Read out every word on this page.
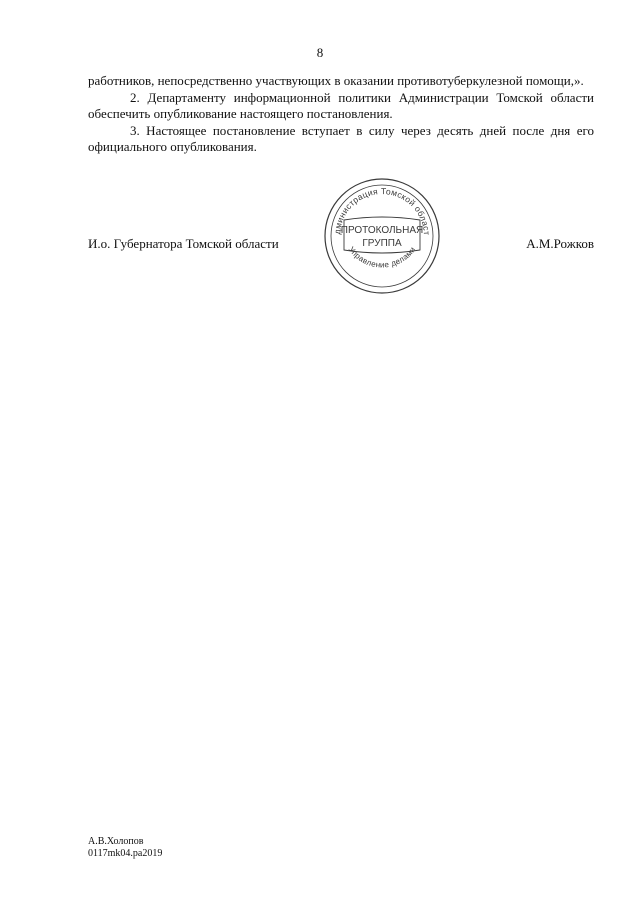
8

работников, непосредственно участвующих в оказании противотуберкулезной помощи,».

2. Департаменту информационной политики Администрации Томской области обеспечить опубликование настоящего постановления.

3. Настоящее постановление вступает в силу через десять дней после дня его официального опубликования.

И.о. Губернатора Томской области	А.М.Рожков
дминистрация Томской област
Управление делами
ПРОТОКОЛЬНАЯ
ГРУППА
А.В.Холопов
0117mk04.pa2019
